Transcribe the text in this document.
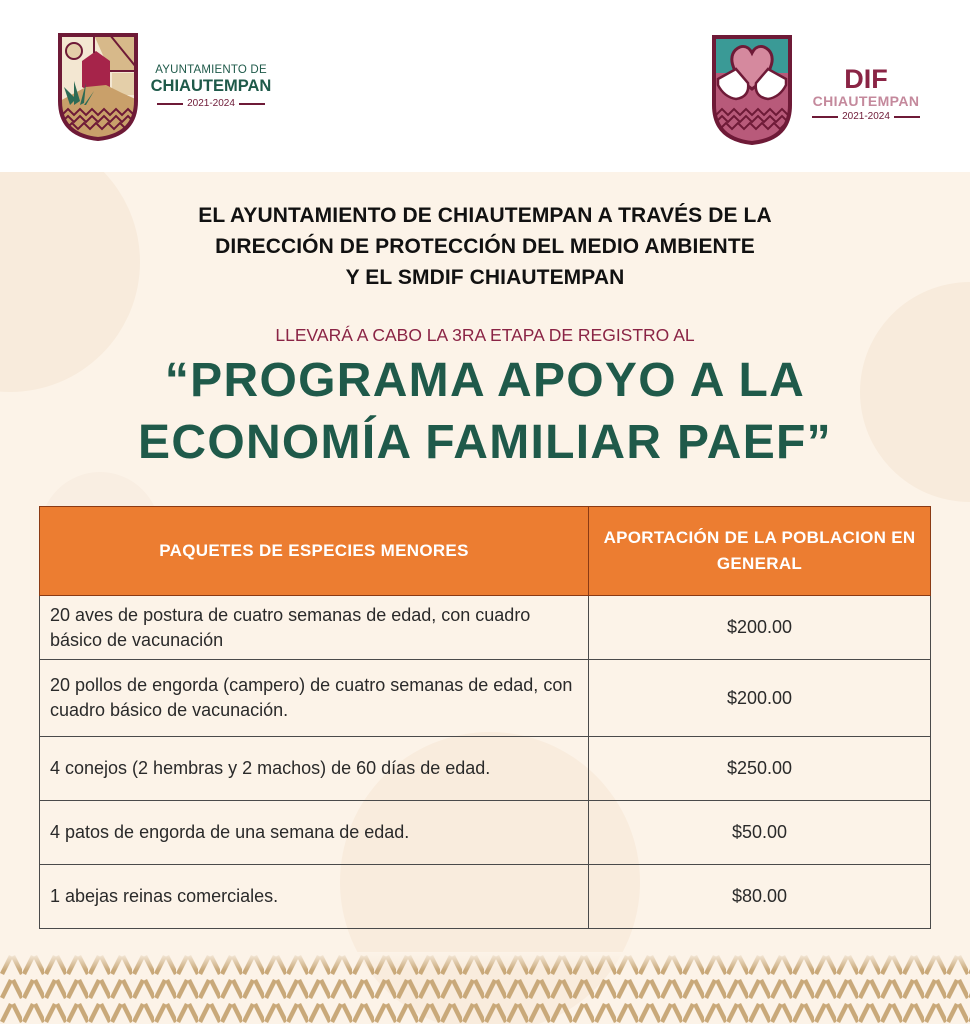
AYUNTAMIENTO DE
CHIAUTEMPAN
2021-2024
DIF
CHIAUTEMPAN
2021-2024
EL AYUNTAMIENTO DE CHIAUTEMPAN A TRAVÉS DE LA
DIRECCIÓN DE PROTECCIÓN DEL MEDIO AMBIENTE
Y EL SMDIF CHIAUTEMPAN
LLEVARÁ A CABO LA 3RA ETAPA DE REGISTRO AL
“PROGRAMA APOYO A LA
ECONOMÍA FAMILIAR PAEF”
PAQUETES DE ESPECIES MENORES	APORTACIÓN DE LA POBLACION EN GENERAL
20 aves de postura de cuatro semanas de edad, con cuadro básico de vacunación	$200.00
20 pollos de engorda (campero) de cuatro semanas de edad, con cuadro básico de vacunación.	$200.00
4 conejos (2 hembras y 2 machos) de 60 días de edad.	$250.00
4 patos de engorda de una semana de edad.	$50.00
1 abejas reinas comerciales.	$80.00
